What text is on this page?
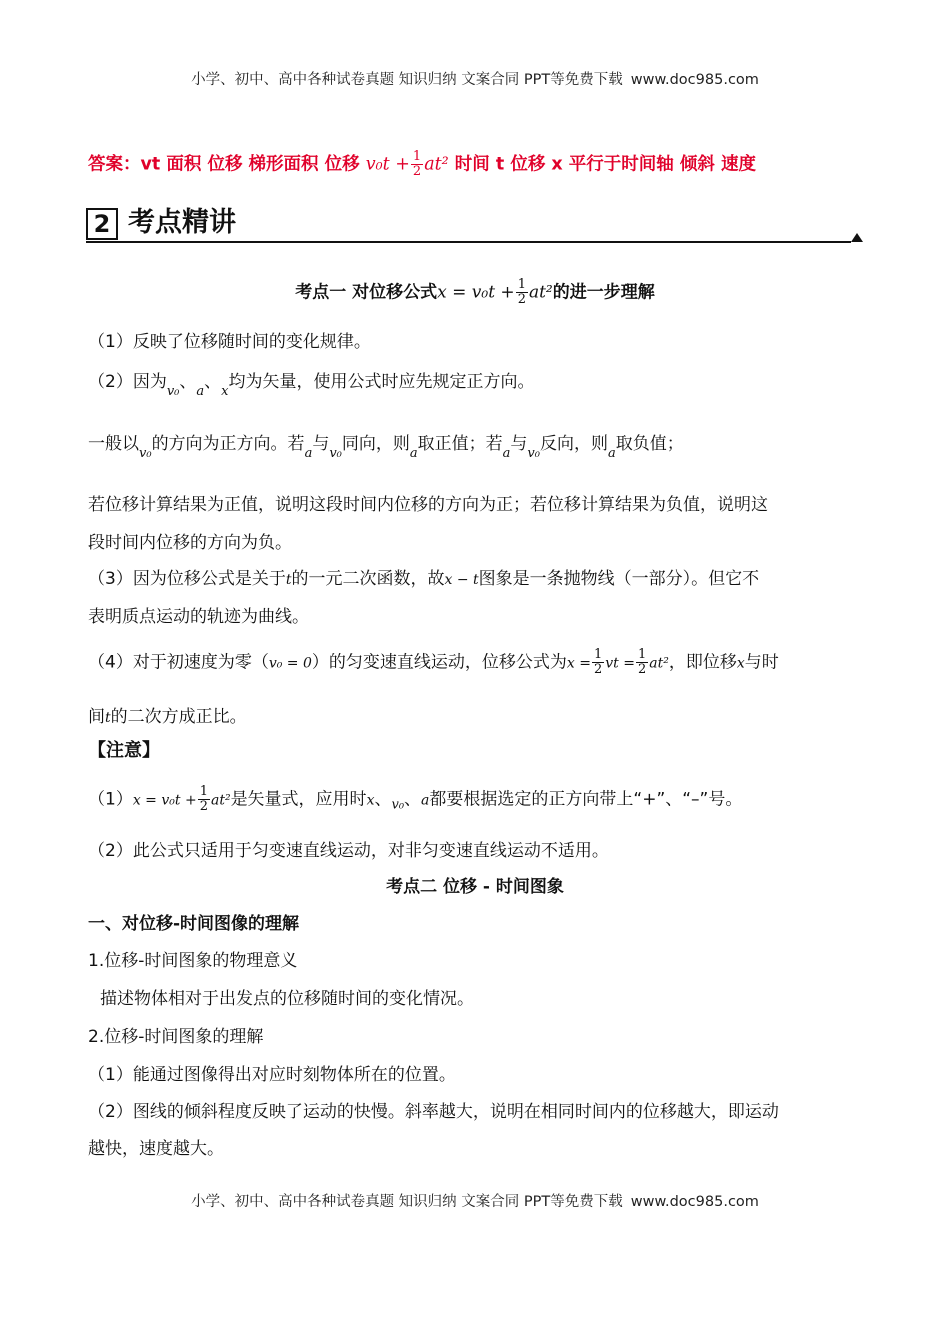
小学、初中、高中各种试卷真题 知识归纳 文案合同 PPT等免费下载 www.doc985.com
答案：vt 面积 位移 梯形面积 位移 $v_0t + \frac{1}{2} at^2$ 时间 t 位移 x 平行于时间轴 倾斜 速度
2 考点精讲
考点一 对位移公式$x = v_0t + \frac{1}{2} at^2$的进一步理解
（1）反映了位移随时间的变化规律。
（2）因为$_{v_0}$、$_a$、$_x$均为矢量，使用公式时应先规定正方向。
一般以$_{v_0}$的方向为正方向。若$_a$与$_{v_0}$同向，则$_a$取正值；若$_a$与$_{v_0}$反向，则$_a$取负值；
若位移计算结果为正值，说明这段时间内位移的方向为正；若位移计算结果为负值，说明这
段时间内位移的方向为负。
（3）因为位移公式是关于t的一元二次函数，故x − t图象是一条抛物线（一部分）。但它不
表明质点运动的轨迹为曲线。
（4）对于初速度为零（v₀ = 0）的匀变速直线运动，位移公式为$x = \frac{1}{2}$ vt = $\frac{1}{2} at^2$，即位移x与时
间t的二次方成正比。
【注意】
$(1)x = v_0t + \frac{1}{2} at^2$是矢量式，应用时x、$_{v_0}$、a都要根据选定的正方向带上“+”、“–”号。
（2）此公式只适用于匀变速直线运动，对非匀变速直线运动不适用。
考点二 位移 - 时间图象
一、对位移-时间图像的理解
1.位移-时间图象的物理意义
描述物体相对于出发点的位移随时间的变化情况。
2.位移-时间图象的理解
（1）能通过图像得出对应时刻物体所在的位置。
（2）图线的倾斜程度反映了运动的快慢。斜率越大，说明在相同时间内的位移越大，即运动
越快，速度越大。
小学、初中、高中各种试卷真题 知识归纳 文案合同 PPT等免费下载 www.doc985.com
